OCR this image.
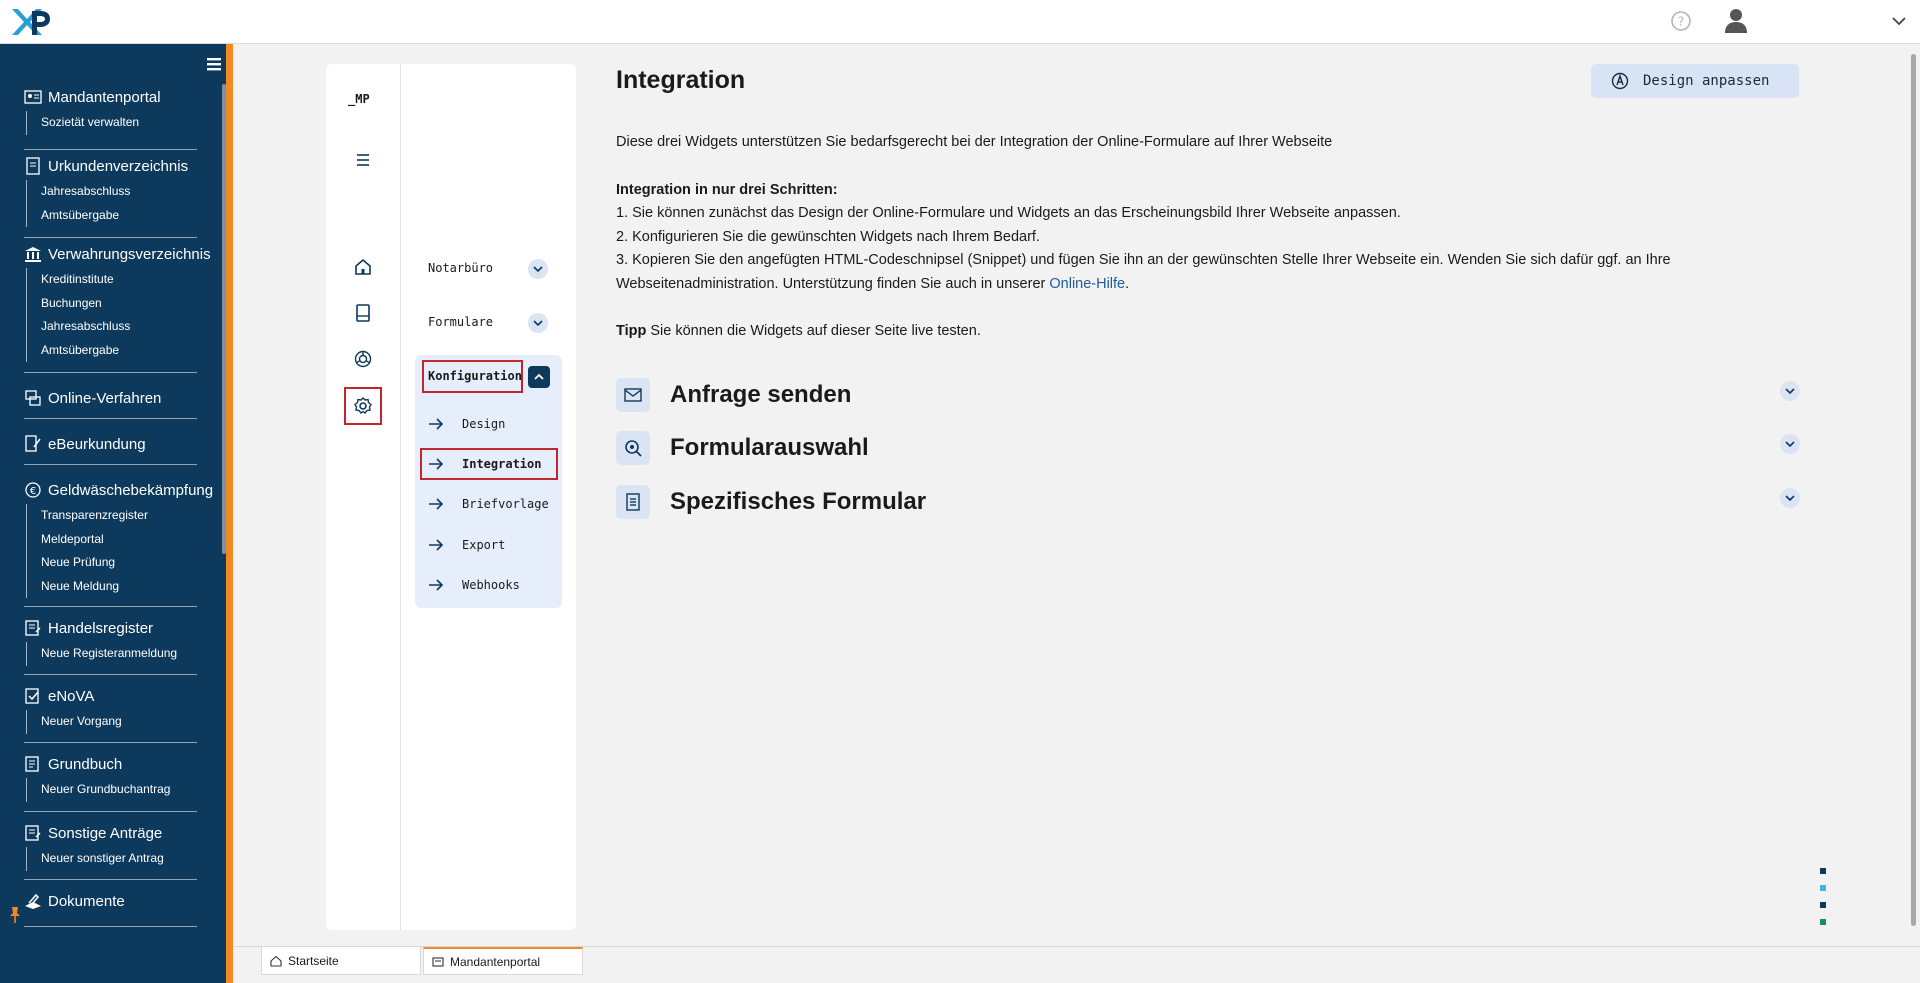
?
Mandantenportal
Sozietät verwalten
Urkundenverzeichnis
Jahresabschluss
Amtsübergabe
Verwahrungsverzeichnis
Kreditinstitute
Buchungen
Jahresabschluss
Amtsübergabe
Online-Verfahren
eBeurkundung
€ Geldwäschebekämpfung
Transparenzregister
Meldeportal
Neue Prüfung
Neue Meldung
Handelsregister
Neue Registeranmeldung
eNoVA
Neuer Vorgang
Grundbuch
Neuer Grundbuchantrag
Sonstige Anträge
Neuer sonstiger Antrag
Dokumente
_MP
Notarbüro
Formulare
Konfiguration
Design
Integration
Briefvorlage
Export
Webhooks
Integration	Design anpassen
Diese drei Widgets unterstützen Sie bedarfsgerecht bei der Integration der Online-Formulare auf Ihrer Webseite
Integration in nur drei Schritten:
1. Sie können zunächst das Design der Online-Formulare und Widgets an das Erscheinungsbild Ihrer Webseite anpassen.
2. Konfigurieren Sie die gewünschten Widgets nach Ihrem Bedarf.
3. Kopieren Sie den angefügten HTML-Codeschnipsel (Snippet) und fügen Sie ihn an der gewünschten Stelle Ihrer Webseite ein. Wenden Sie sich dafür ggf. an Ihre
Webseitenadministration. Unterstützung finden Sie auch in unserer Online-Hilfe.
Tipp Sie können die Widgets auf dieser Seite live testen.
Anfrage senden
Formularauswahl
Spezifisches Formular
Startseite	Mandantenportal
